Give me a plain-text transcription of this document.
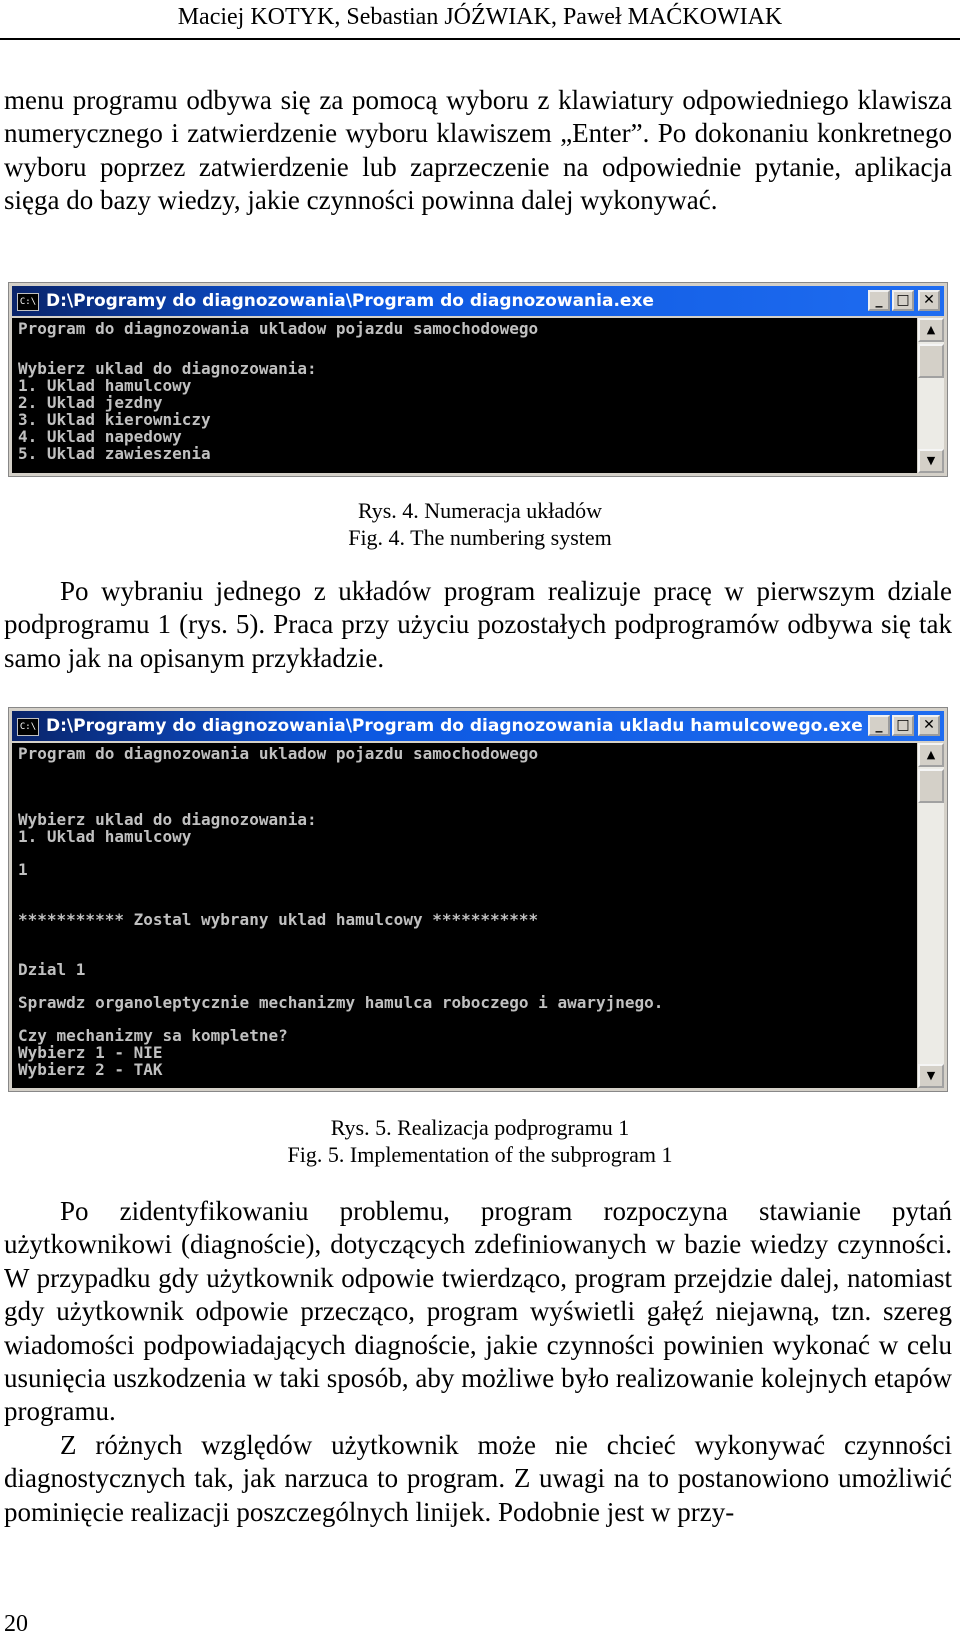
Maciej KOTYK, Sebastian JÓŹWIAK, Paweł MAĆKOWIAK

menu programu odbywa się za pomocą wyboru z klawiatury odpowiedniego klawisza numerycznego i zatwierdzenie wyboru klawiszem „Enter”. Po dokonaniu konkretnego wyboru poprzez zatwierdzenie lub zaprzeczenie na odpowiednie pytanie, aplikacja sięga do bazy wiedzy, jakie czynności powinna dalej wykonywać.

C:\ D:\Programy do diagnozowania\Program do diagnozowania.exe	_ □ ✕
Program do diagnozowania ukladow pojazdu samochodowego
Wybierz uklad do diagnozowania:
1. Uklad hamulcowy
2. Uklad jezdny
3. Uklad kierowniczy
4. Uklad napedowy
5. Uklad zawieszenia
▲
▼
Rys. 4. Numeracja układów
Fig. 4. The numbering system

Po wybraniu jednego z układów program realizuje pracę w pierwszym dziale podprogramu 1 (rys. 5). Praca przy użyciu pozostałych podprogramów odbywa się tak samo jak na opisanym przykładzie.

C:\ D:\Programy do diagnozowania\Program do diagnozowania ukladu hamulcowego.exe _ □ ✕
Program do diagnozowania ukladow pojazdu samochodowego
Wybierz uklad do diagnozowania:
1. Uklad hamulcowy
1
*********** Zostal wybrany uklad hamulcowy ***********
Dzial 1
Sprawdz organoleptycznie mechanizmy hamulca roboczego i awaryjnego.
Czy mechanizmy sa kompletne?
Wybierz 1 - NIE
Wybierz 2 - TAK
▲
▼
Rys. 5. Realizacja podprogramu 1
Fig. 5. Implementation of the subprogram 1

Po zidentyfikowaniu problemu, program rozpoczyna stawianie pytań użytkownikowi (diagnoście), dotyczących zdefiniowanych w bazie wiedzy czynności. W przypadku gdy użytkownik odpowie twierdząco, program przejdzie dalej, natomiast gdy użytkownik odpowie przecząco, program wyświetli gałęź niejawną, tzn. szereg wiadomości podpowiadających diagnoście, jakie czynności powinien wykonać w celu usunięcia uszkodzenia w taki sposób, aby możliwe było realizowanie kolejnych etapów programu.

Z różnych względów użytkownik może nie chcieć wykonywać czynności diagnostycznych tak, jak narzuca to program. Z uwagi na to postanowiono umożliwić pominięcie realizacji poszczególnych linijek. Podobnie jest w przy-

20
